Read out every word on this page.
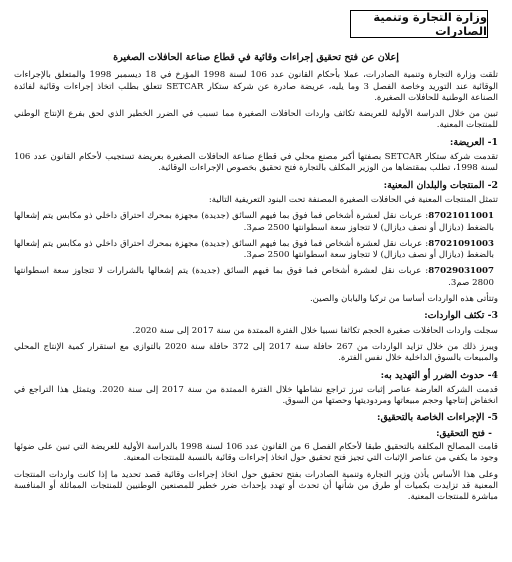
وزارة التجارة وتنمية الصادرات
إعلان عن فتح تحقيق إجراءات وقائية في قطاع صناعة الحافلات الصغيرة

تلقت وزارة التجارة وتنمية الصادرات، عملا بأحكام القانون عدد 106 لسنة 1998 المؤرخ في 18 ديسمبر 1998 والمتعلق بالإجراءات الوقائية عند التوريد وخاصة الفصل 3 وما يليه، عريضة صادرة عن شركة ستكار SETCAR تتعلق بطلب اتخاذ إجراءات وقائية لفائدة الصناعة الوطنية للحافلات الصغيرة.

تبين من خلال الدراسة الأولية للعريضة تكاثف واردات الحافلات الصغيرة مما تسبب في الضرر الخطير الذي لحق بفرع الإنتاج الوطني للمنتجات المعنية.

1- العريضة:

تقدمت شركة ستكار SETCAR بصفتها أكبر مصنع محلي في قطاع صناعة الحافلات الصغيرة بعريضة تستجيب لأحكام القانون عدد 106 لسنة 1998، تطلب بمقتضاها من الوزير المكلف بالتجارة فتح تحقيق بخصوص الإجراءات الوقائية.

2- المنتجات والبلدان المعنية:

تتمثل المنتجات المعنية في الحافلات الصغيرة المصنفة تحت البنود التعريفية التالية:

87021011001: عربات نقل لعشرة أشخاص فما فوق بما فيهم السائق (جديدة) مجهزة بمحرك احتراق داخلي ذو مكابس يتم إشعالها بالضغط (ديازال أو نصف ديازال) لا تتجاوز سعة اسطوانتها 2500 صم3.
87021091003: عربات نقل لعشرة أشخاص فما فوق بما فيهم السائق (جديدة) مجهزة بمحرك احتراق داخلي ذو مكابس يتم إشعالها بالضغط (ديازال أو نصف ديازال) لا تتجاوز سعة اسطوانتها 2500 صم3.
87029031007: عربات نقل لعشرة أشخاص فما فوق بما فيهم السائق (جديدة) يتم إشعالها بالشرارات لا تتجاوز سعة اسطوانتها 2800 صم3.

وتتأتى هذه الواردات أساسا من تركيا واليابان والصين.

3- تكثف الواردات:

سجلت واردات الحافلات صغيرة الحجم تكاثفا نسبيا خلال الفترة الممتدة من سنة 2017 إلى سنة 2020.

ويبرز ذلك من خلال تزايد الواردات من 267 حافلة سنة 2017 إلى 372 حافلة سنة 2020 بالتوازي مع استقرار كمية الإنتاج المحلي والمبيعات بالسوق الداخلية خلال نفس الفترة.

4- حدوث الضرر أو التهديد به:

قدمت الشركة العارضة عناصر إثبات تبرز تراجع نشاطها خلال الفترة الممتدة من سنة 2017 إلى سنة 2020. ويتمثل هذا التراجع في انخفاض إنتاجها وحجم مبيعاتها ومردوديتها وحصتها من السوق.

5- الإجراءات الخاصة بالتحقيق:
- فتح التحقيق:

قامت المصالح المكلفة بالتحقيق طبقا لأحكام الفصل 6 من القانون عدد 106 لسنة 1998 بالدراسة الأولية للعريضة التي تبين على ضوئها وجود ما يكفي من عناصر الإثبات التي تجيز فتح تحقيق حول اتخاذ إجراءات وقائية بالنسبة للمنتجات المعنية.

وعلى هذا الأساس يأذن وزير التجارة وتنمية الصادرات بفتح تحقيق حول اتخاذ إجراءات وقائية قصد تحديد ما إذا كانت واردات المنتجات المعنية قد تزايدت بكميات أو طرق من شأنها أن تحدث أو تهدد بإحداث ضرر خطير للمصنعين الوطنيين للمنتجات المماثلة أو المنافسة مباشرة للمنتجات المعنية.
